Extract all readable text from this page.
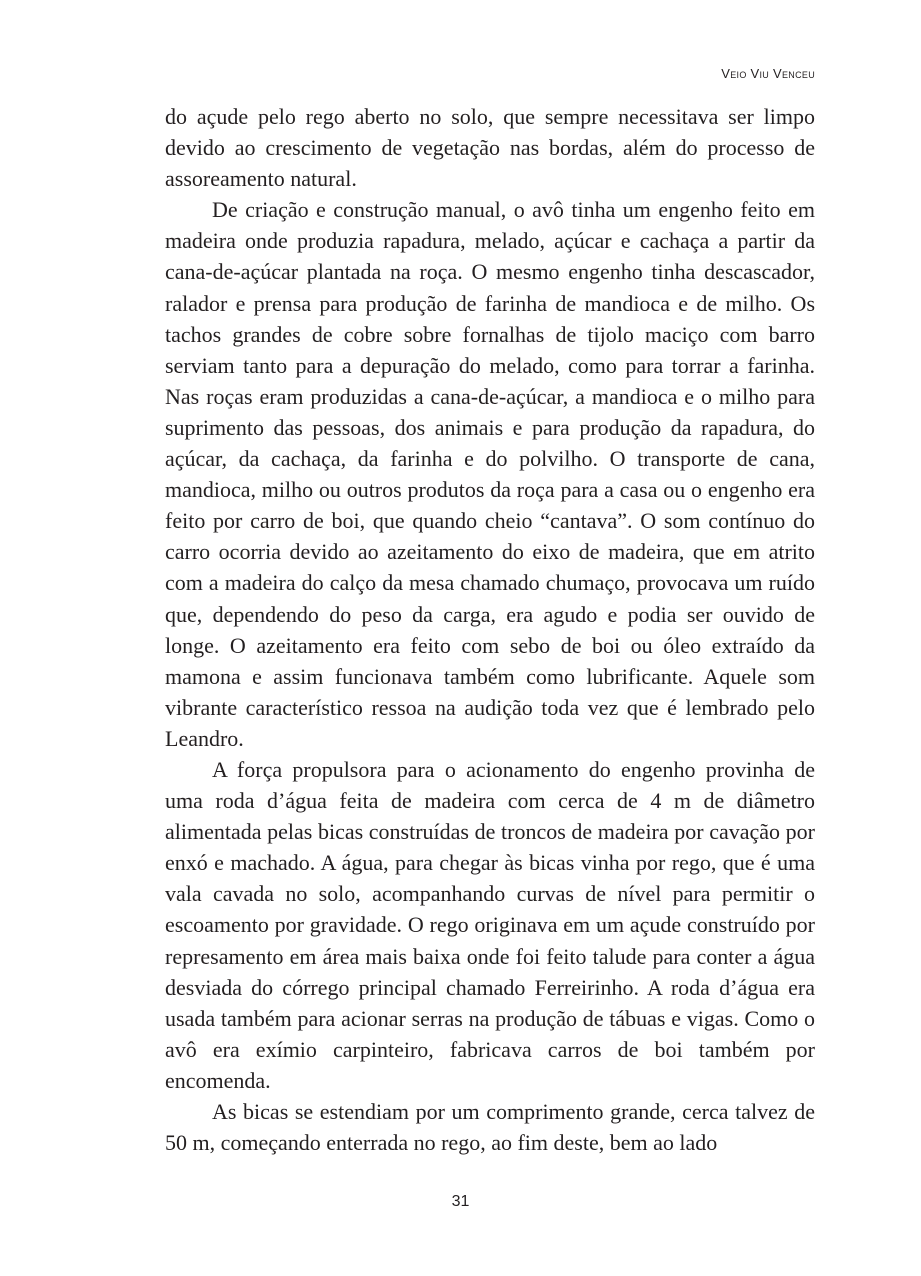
Veio Viu Venceu

do açude pelo rego aberto no solo, que sempre necessitava ser limpo devido ao crescimento de vegetação nas bordas, além do processo de assoreamento natural.

De criação e construção manual, o avô tinha um engenho feito em madeira onde produzia rapadura, melado, açúcar e cachaça a partir da cana-de-açúcar plantada na roça. O mesmo engenho tinha descascador, ralador e prensa para produção de farinha de mandioca e de milho. Os tachos grandes de cobre sobre fornalhas de tijolo maciço com barro serviam tanto para a depuração do melado, como para torrar a farinha. Nas roças eram produzidas a cana-de-açúcar, a mandioca e o milho para suprimento das pessoas, dos animais e para produção da rapadura, do açúcar, da cachaça, da farinha e do polvilho. O transporte de cana, mandioca, milho ou outros produtos da roça para a casa ou o engenho era feito por carro de boi, que quando cheio “cantava”. O som contínuo do carro ocorria devido ao azeitamento do eixo de madeira, que em atrito com a madeira do calço da mesa chamado chumaço, provocava um ruído que, dependendo do peso da carga, era agudo e podia ser ouvido de longe. O azeitamento era feito com sebo de boi ou óleo extraído da mamona e assim funcionava também como lubrificante. Aquele som vibrante característico ressoa na audição toda vez que é lembrado pelo Leandro.

A força propulsora para o acionamento do engenho provinha de uma roda d’água feita de madeira com cerca de 4 m de diâmetro alimentada pelas bicas construídas de troncos de madeira por cavação por enxó e machado. A água, para chegar às bicas vinha por rego, que é uma vala cavada no solo, acompanhando curvas de nível para permitir o escoamento por gravidade. O rego originava em um açude construído por represamento em área mais baixa onde foi feito talude para conter a água desviada do córrego principal chamado Ferreirinho. A roda d’água era usada também para acionar serras na produção de tábuas e vigas. Como o avô era exímio carpinteiro, fabricava carros de boi também por encomenda.

As bicas se estendiam por um comprimento grande, cerca talvez de 50 m, começando enterrada no rego, ao fim deste, bem ao lado

31
